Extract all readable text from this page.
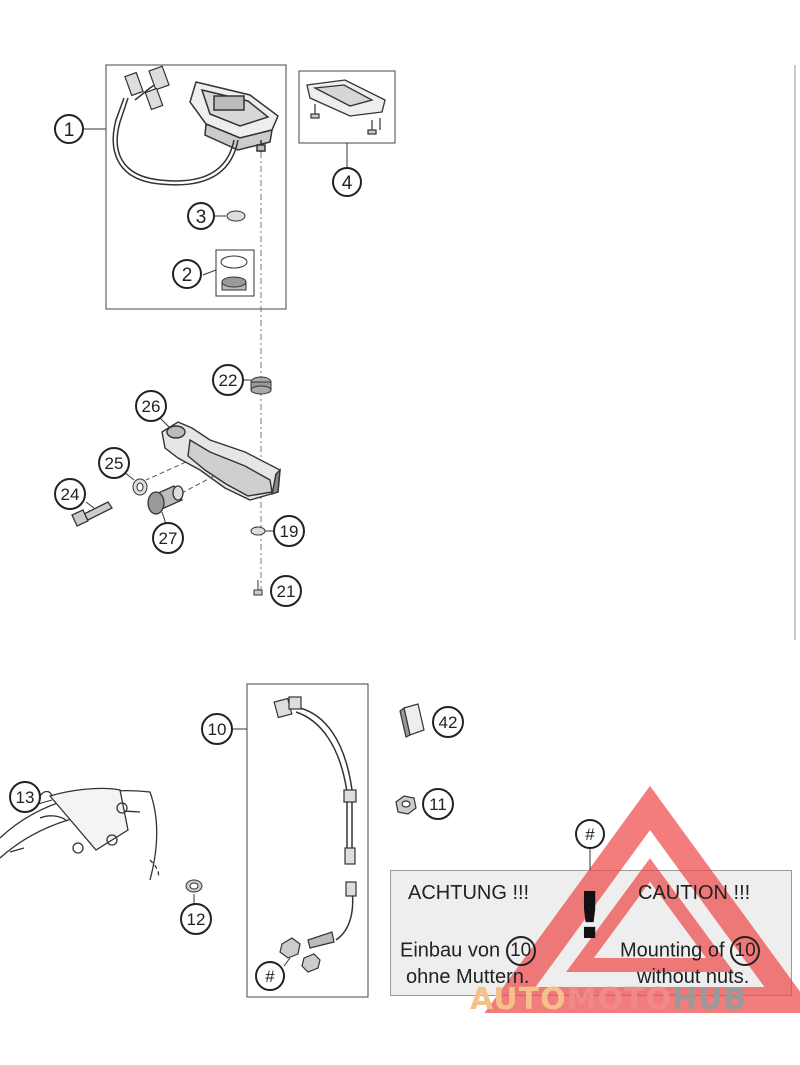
1
3
2
4
22
26
25
24
27	19
21
10	42
11
13
12
#
#
ACHTUNG !!!	CAUTION !!!
!
Einbau von 10
ohne Muttern.
Mounting of 10
without nuts.
AUTOMOTOHUB
